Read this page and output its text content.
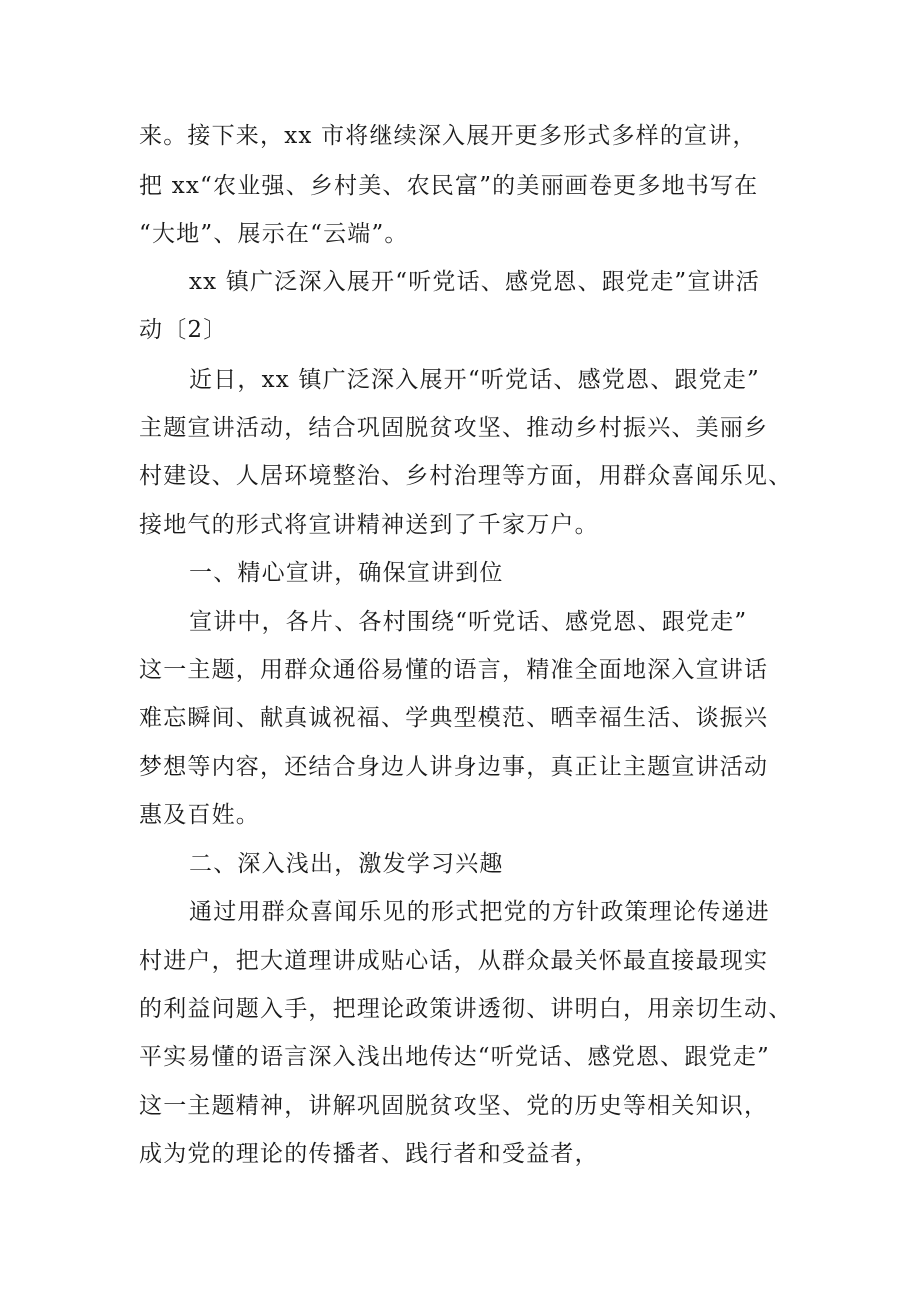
来。接下来，xx 市将继续深入展开更多形式多样的宣讲，
把 xx“农业强、乡村美、农民富”的美丽画卷更多地书写在
“大地”、展示在“云端”。
xx 镇广泛深入展开“听党话、感党恩、跟党走”宣讲活
动〔2〕
近日，xx 镇广泛深入展开“听党话、感党恩、跟党走”
主题宣讲活动，结合巩固脱贫攻坚、推动乡村振兴、美丽乡
村建设、人居环境整治、乡村治理等方面，用群众喜闻乐见、
接地气的形式将宣讲精神送到了千家万户。
一、精心宣讲，确保宣讲到位
宣讲中，各片、各村围绕“听党话、感党恩、跟党走”
这一主题，用群众通俗易懂的语言，精准全面地深入宣讲话
难忘瞬间、献真诚祝福、学典型模范、晒幸福生活、谈振兴
梦想等内容，还结合身边人讲身边事，真正让主题宣讲活动
惠及百姓。
二、深入浅出，激发学习兴趣
通过用群众喜闻乐见的形式把党的方针政策理论传递进
村进户，把大道理讲成贴心话，从群众最关怀最直接最现实
的利益问题入手，把理论政策讲透彻、讲明白，用亲切生动、
平实易懂的语言深入浅出地传达“听党话、感党恩、跟党走”
这一主题精神，讲解巩固脱贫攻坚、党的历史等相关知识，
成为党的理论的传播者、践行者和受益者，
